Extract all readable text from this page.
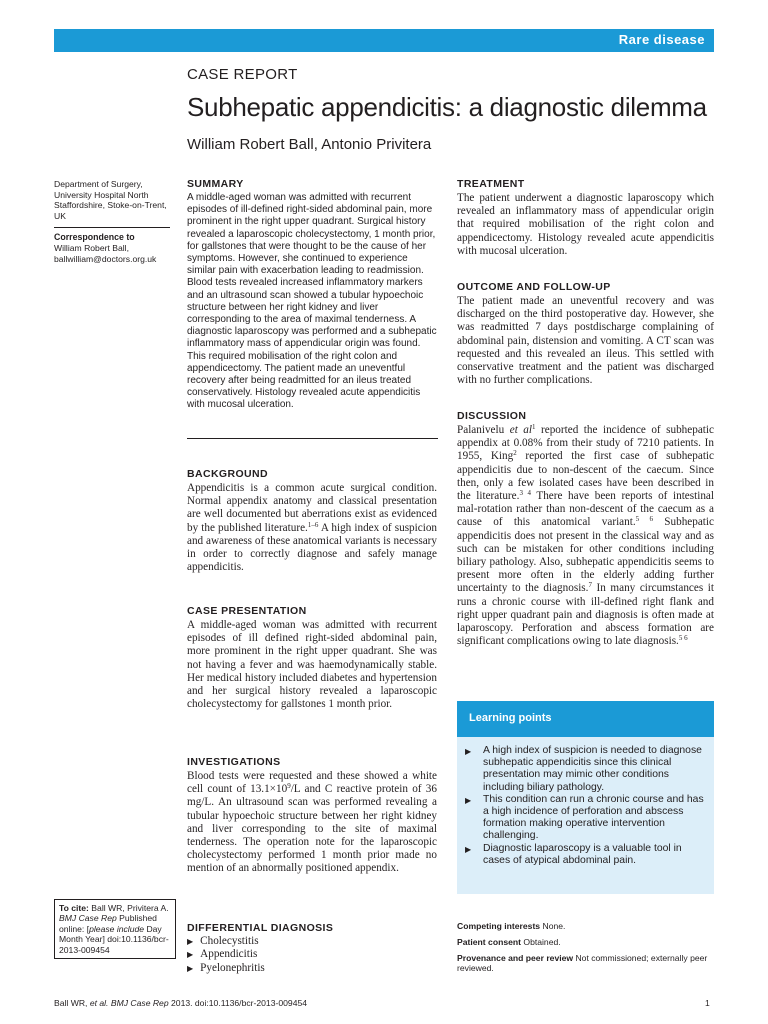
Rare disease
CASE REPORT
Subhepatic appendicitis: a diagnostic dilemma
William Robert Ball, Antonio Privitera
Department of Surgery,
University Hospital North
Staffordshire, Stoke-on-Trent,
UK
Correspondence to
William Robert Ball,
ballwilliam@doctors.org.uk
To cite: Ball WR, Privitera A. BMJ Case Rep Published online: [please include Day Month Year] doi:10.1136/bcr-2013-009454
SUMMARY
A middle-aged woman was admitted with recurrent episodes of ill-defined right-sided abdominal pain, more prominent in the right upper quadrant. Surgical history revealed a laparoscopic cholecystectomy, 1 month prior, for gallstones that were thought to be the cause of her symptoms. However, she continued to experience similar pain with exacerbation leading to readmission. Blood tests revealed increased inflammatory markers and an ultrasound scan showed a tubular hypoechoic structure between her right kidney and liver corresponding to the area of maximal tenderness. A diagnostic laparoscopy was performed and a subhepatic inflammatory mass of appendicular origin was found. This required mobilisation of the right colon and appendicectomy. The patient made an uneventful recovery after being readmitted for an ileus treated conservatively. Histology revealed acute appendicitis with mucosal ulceration.
BACKGROUND
Appendicitis is a common acute surgical condition. Normal appendix anatomy and classical presentation are well documented but aberrations exist as evidenced by the published literature.$^{1-6}$ A high index of suspicion and awareness of these anatomical variants is necessary in order to correctly diagnose and safely manage appendicitis.
CASE PRESENTATION
A middle-aged woman was admitted with recurrent episodes of ill defined right-sided abdominal pain, more prominent in the right upper quadrant. She was not having a fever and was haemodynamically stable. Her medical history included diabetes and hypertension and her surgical history revealed a laparoscopic cholecystectomy for gallstones 1 month prior.
INVESTIGATIONS
Blood tests were requested and these showed a white cell count of $13.1\times 10^9/L$ and C reactive protein of 36 mg/L. An ultrasound scan was performed revealing a tubular hypoechoic structure between her right kidney and liver corresponding to the site of maximal tenderness. The operation note for the laparoscopic cholecystectomy performed 1 month prior made no mention of an abnormally positioned appendix.
DIFFERENTIAL DIAGNOSIS
▶ Cholecystitis
▶ Appendicitis
▶ Pyelonephritis
TREATMENT
The patient underwent a diagnostic laparoscopy which revealed an inflammatory mass of appendicular origin that required mobilisation of the right colon and appendicectomy. Histology revealed acute appendicitis with mucosal ulceration.
OUTCOME AND FOLLOW-UP
The patient made an uneventful recovery and was discharged on the third postoperative day. However, she was readmitted 7 days postdischarge complaining of abdominal pain, distension and vomiting. A CT scan was requested and this revealed an ileus. This settled with conservative treatment and the patient was discharged with no further complications.
DISCUSSION
Palanivelu et $al^1$ reported the incidence of subhepatic appendix at 0.08% from their study of 7210 patients. In 1955, King$^2$ reported the first case of subhepatic appendicitis due to non-descent of the caecum. Since then, only a few isolated cases have been described in the literature.$^{3 4}$ There have been reports of intestinal mal-rotation rather than non-descent of the caecum as a cause of this anatomical variant.$^{5 6}$ Subhepatic appendicitis does not present in the classical way and as such can be mistaken for other conditions including biliary pathology. Also, subhepatic appendicitis seems to present more often in the elderly adding further uncertainty to the diagnosis.$^7$ In many circumstances it runs a chronic course with ill-defined right flank and right upper quadrant pain and diagnosis is often made at laparoscopy. Perforation and abscess formation are significant complications owing to late diagnosis.$^{5 6}$
Learning points
▶ A high index of suspicion is needed to diagnose subhepatic appendicitis since this clinical presentation may mimic other conditions including biliary pathology.
▶ This condition can run a chronic course and has a high incidence of perforation and abscess formation making operative intervention challenging.
▶ Diagnostic laparoscopy is a valuable tool in cases of atypical abdominal pain.
Competing interests None.
Patient consent Obtained.
Provenance and peer review Not commissioned; externally peer reviewed.
Ball WR, et al. BMJ Case Rep 2013. doi:10.1136/bcr-2013-009454	1
